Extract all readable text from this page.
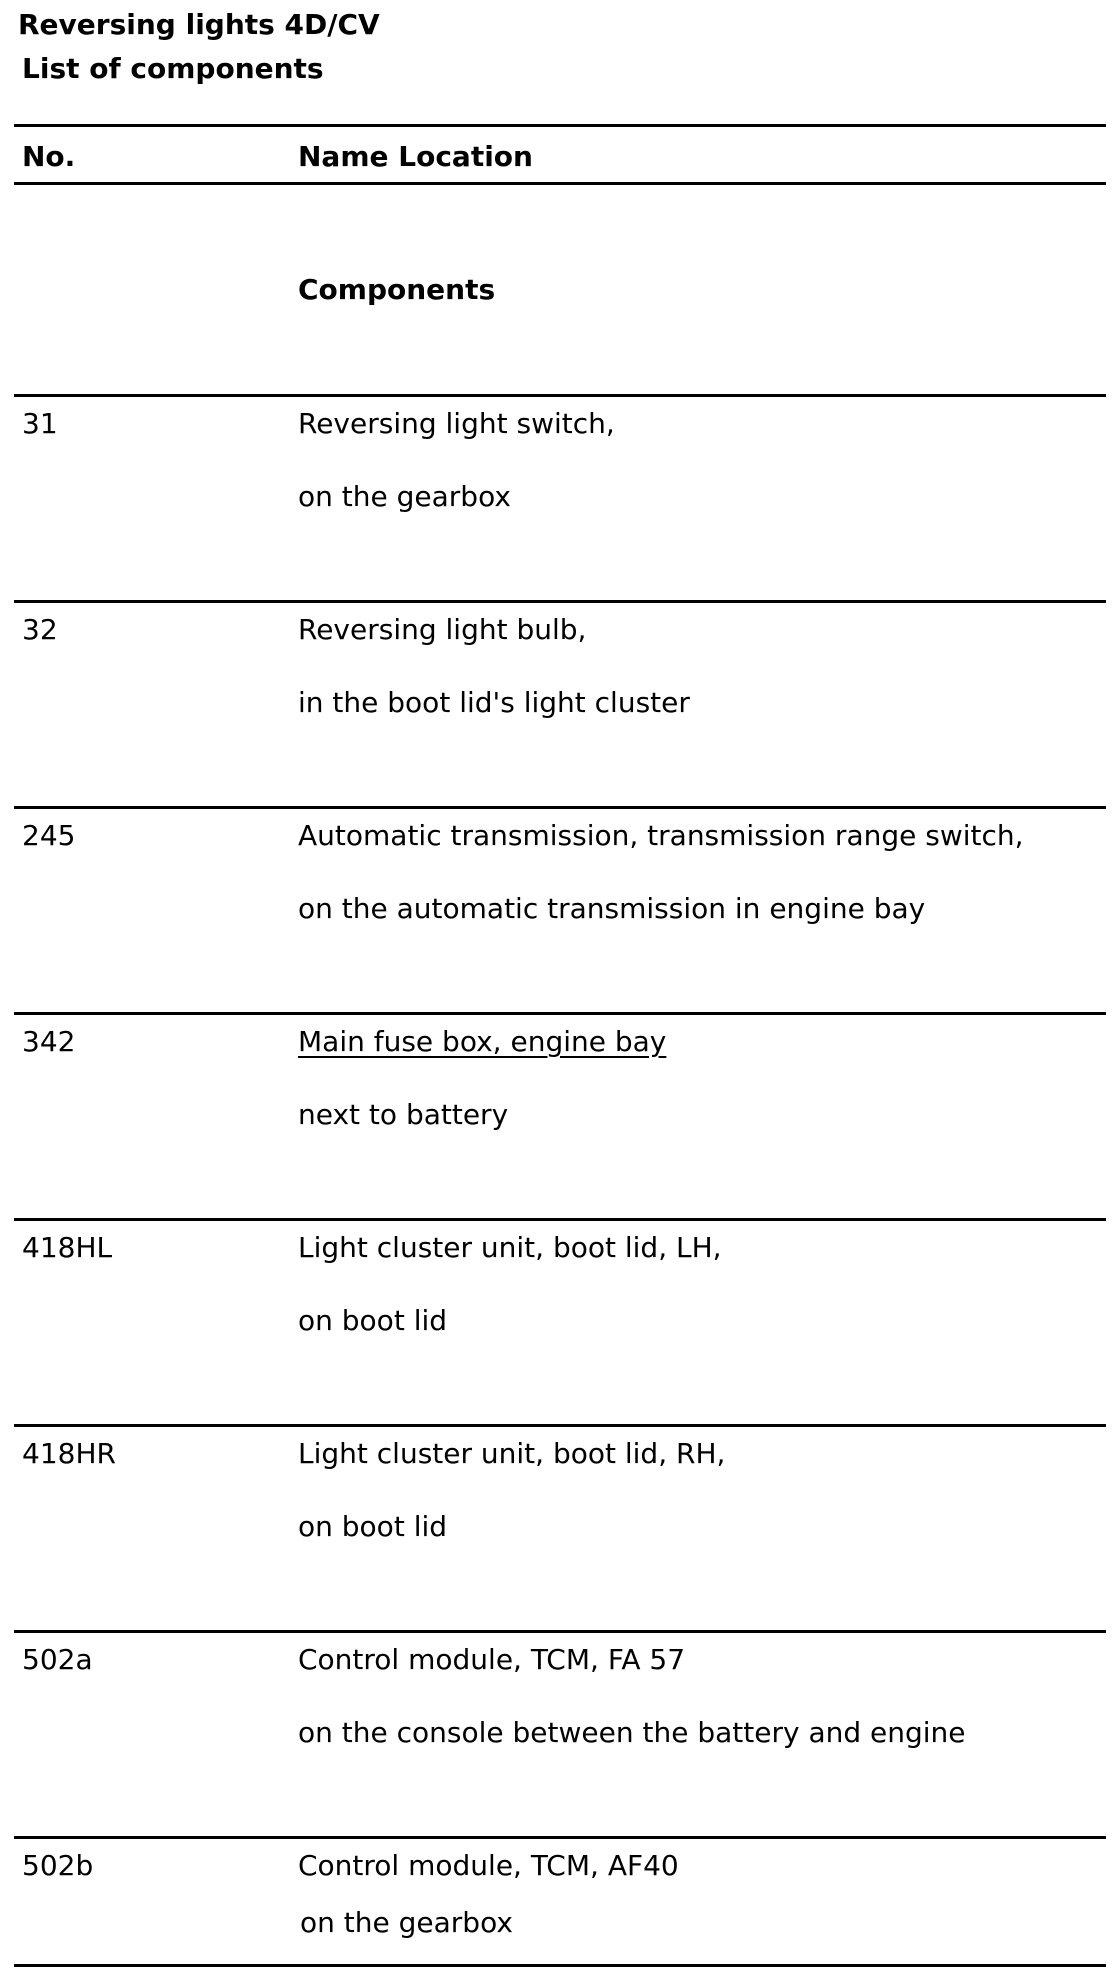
Reversing lights 4D/CV
List of components
No.	Name Location
Components
31	Reversing light switch,
on the gearbox
32	Reversing light bulb,
in the boot lid's light cluster
245	Automatic transmission, transmission range switch,
on the automatic transmission in engine bay
342	Main fuse box, engine bay
next to battery
418HL	Light cluster unit, boot lid, LH,
on boot lid
418HR	Light cluster unit, boot lid, RH,
on boot lid
502a	Control module, TCM, FA 57
on the console between the battery and engine
502b	Control module, TCM, AF40
on the gearbox
